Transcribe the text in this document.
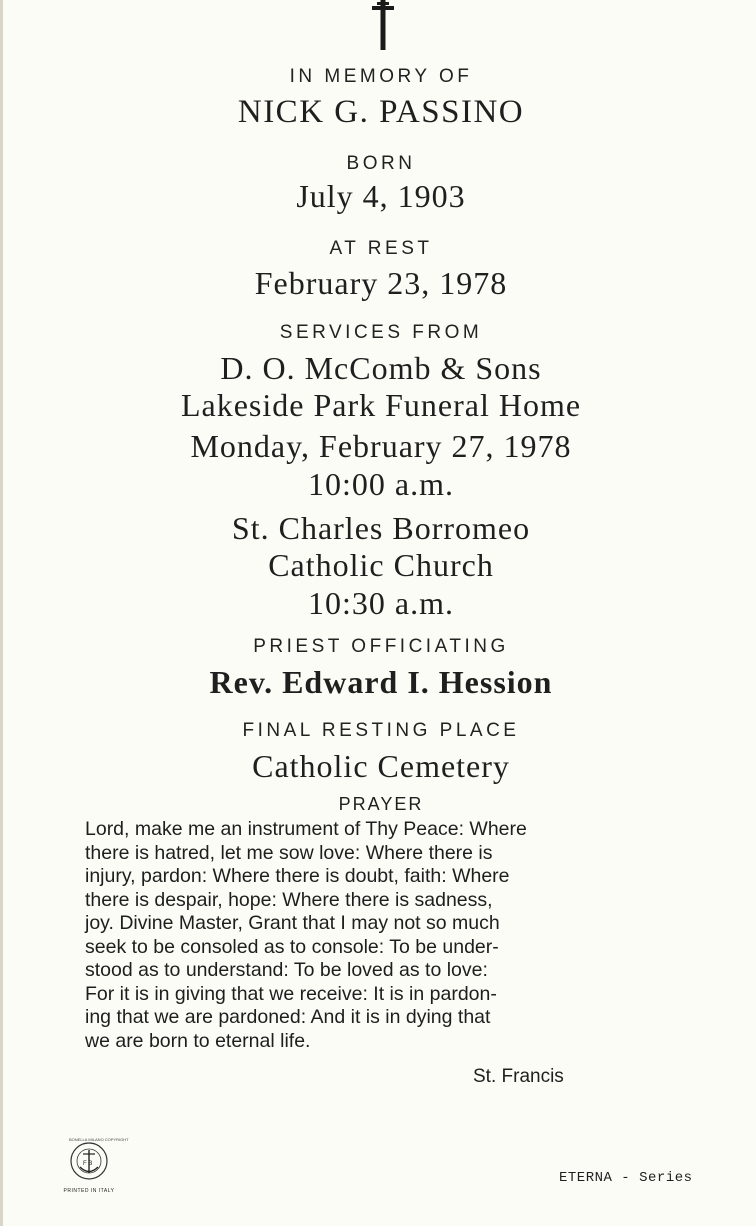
IN MEMORY OF
NICK G. PASSINO
BORN
July 4, 1903
AT REST
February 23, 1978
SERVICES FROM
D. O. McComb & Sons
Lakeside Park Funeral Home
Monday, February 27, 1978
10:00 a.m.
St. Charles Borromeo
Catholic Church
10:30 a.m.
PRIEST OFFICIATING
Rev. Edward I. Hession
FINAL RESTING PLACE
Catholic Cemetery
PRAYER
Lord, make me an instrument of Thy Peace: Where
there is hatred, let me sow love: Where there is
injury, pardon: Where there is doubt, faith: Where
there is despair, hope: Where there is sadness,
joy. Divine Master, Grant that I may not so much
seek to be consoled as to console: To be under-
stood as to understand: To be loved as to love:
For it is in giving that we receive: It is in pardon-
ing that we are pardoned: And it is in dying that
we are born to eternal life.
St. Francis
F B
BONELLA MILANO COPYRIGHT
PRINTED IN ITALY
ETERNA - Series
